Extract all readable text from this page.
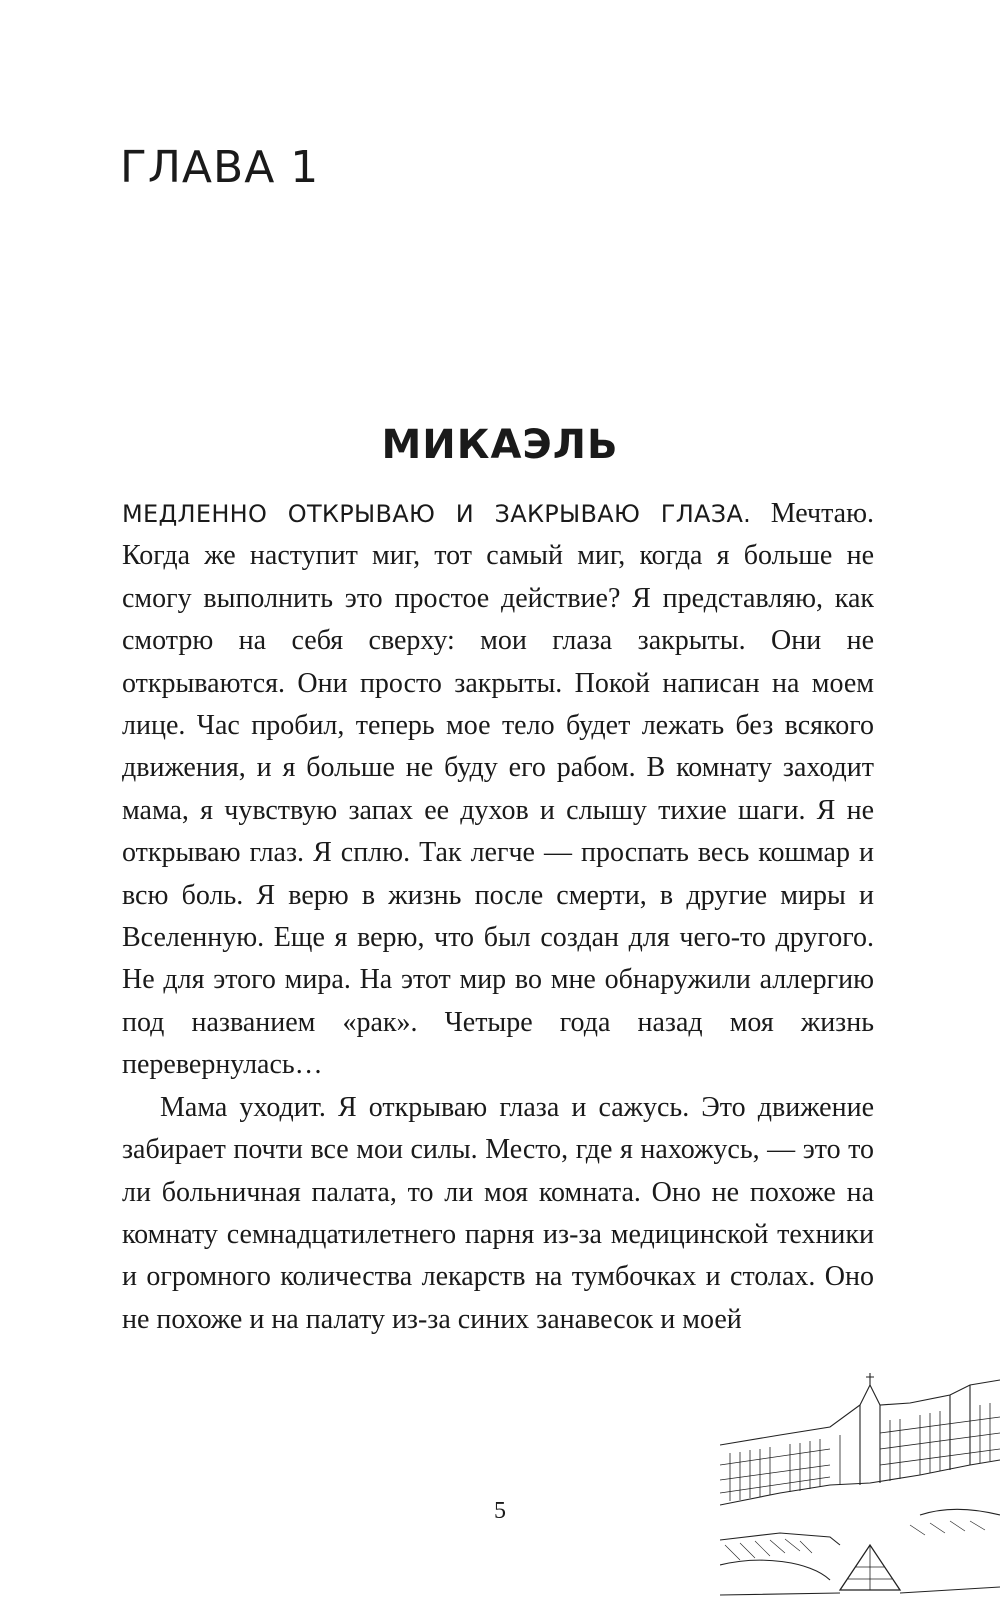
ГЛАВА 1
МИКАЭЛЬ

МЕДЛЕННО ОТКРЫВАЮ И ЗАКРЫВАЮ ГЛАЗА. Мечтаю. Когда же наступит миг, тот самый миг, когда я больше не смогу выполнить это простое действие? Я представляю, как смотрю на себя сверху: мои глаза закрыты. Они не открываются. Они просто закрыты. Покой написан на моем лице. Час пробил, теперь мое тело будет лежать без всякого движения, и я больше не буду его рабом. В комнату заходит мама, я чувствую запах ее духов и слышу тихие шаги. Я не открываю глаз. Я сплю. Так легче — проспать весь кошмар и всю боль. Я верю в жизнь после смерти, в другие миры и Вселенную. Еще я верю, что был создан для чего-то другого. Не для этого мира. На этот мир во мне обнаружили аллергию под названием «рак». Четыре года назад моя жизнь перевернулась…

Мама уходит. Я открываю глаза и сажусь. Это движение забирает почти все мои силы. Место, где я нахожусь, — это то ли больничная палата, то ли моя комната. Оно не похоже на комнату семнадцатилетнего парня из-за медицинской техники и огромного количества лекарств на тумбочках и столах. Оно не похоже и на палату из-за синих занавесок и моей

5
